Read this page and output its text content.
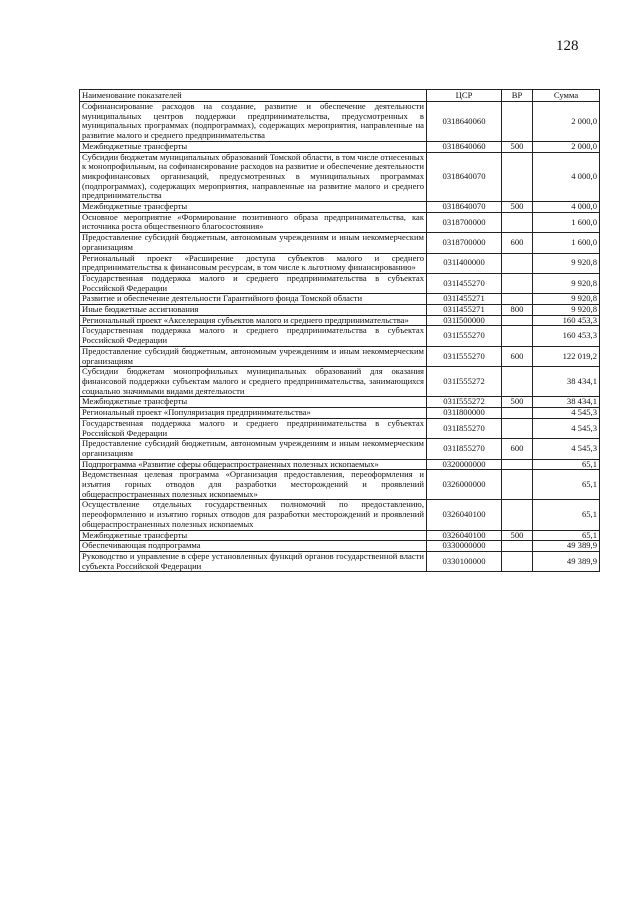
128
Наименование показателей	ЦСР	ВР	Сумма
Софинансирование расходов на создание, развитие и обеспечение деятельности муниципальных центров поддержки предпринимательства, предусмотренных в муниципальных программах (подпрограммах), содержащих мероприятия, направленные на развитие малого и среднего предпринимательства	0318640060		2 000,0
Межбюджетные трансферты	0318640060	500	2 000,0
Субсидии бюджетам муниципальных образований Томской области, в том числе отнесенных к монопрофильным, на софинансирование расходов на развитие и обеспечение деятельности микрофинансовых организаций, предусмотренных в муниципальных программах (подпрограммах), содержащих мероприятия, направленные на развитие малого и среднего предпринимательства	0318640070		4 000,0
Межбюджетные трансферты	0318640070	500	4 000,0
Основное мероприятие «Формирование позитивного образа предпринимательства, как источника роста общественного благосостояния»	0318700000		1 600,0
Предоставление субсидий бюджетным, автономным учреждениям и иным некоммерческим организациям	0318700000	600	1 600,0
Региональный проект «Расширение доступа субъектов малого и среднего предпринимательства к финансовым ресурсам, в том числе к льготному финансированию»	031I400000		9 920,8
Государственная поддержка малого и среднего предпринимательства в субъектах Российской Федерации	031I455270		9 920,8
Развитие и обеспечение деятельности Гарантийного фонда Томской области	031I455271		9 920,8
Иные бюджетные ассигнования	031I455271	800	9 920,8
Региональный проект «Акселерация субъектов малого и среднего предпринимательства»	031I500000		160 453,3
Государственная поддержка малого и среднего предпринимательства в субъектах Российской Федерации	031I555270		160 453,3
Предоставление субсидий бюджетным, автономным учреждениям и иным некоммерческим организациям	031I555270	600	122 019,2
Субсидии бюджетам монопрофильных муниципальных образований для оказания финансовой поддержки субъектам малого и среднего предпринимательства, занимающихся социально значимыми видами деятельности	031I555272		38 434,1
Межбюджетные трансферты	031I555272	500	38 434,1
Региональный проект «Популяризация предпринимательства»	031I800000		4 545,3
Государственная поддержка малого и среднего предпринимательства в субъектах Российской Федерации	031I855270		4 545,3
Предоставление субсидий бюджетным, автономным учреждениям и иным некоммерческим организациям	031I855270	600	4 545,3
Подпрограмма «Развитие сферы общераспространенных полезных ископаемых»	0320000000		65,1
Ведомственная целевая программа «Организация предоставления, переоформления и изъятия горных отводов для разработки месторождений и проявлений общераспространенных полезных ископаемых»	0326000000		65,1
Осуществление отдельных государственных полномочий по предоставлению, переоформлению и изъятию горных отводов для разработки месторождений и проявлений общераспространенных полезных ископаемых	0326040100		65,1
Межбюджетные трансферты	0326040100	500	65,1
Обеспечивающая подпрограмма	0330000000		49 389,9
Руководство и управление в сфере установленных функций органов государственной власти субъекта Российской Федерации	0330100000		49 389,9
